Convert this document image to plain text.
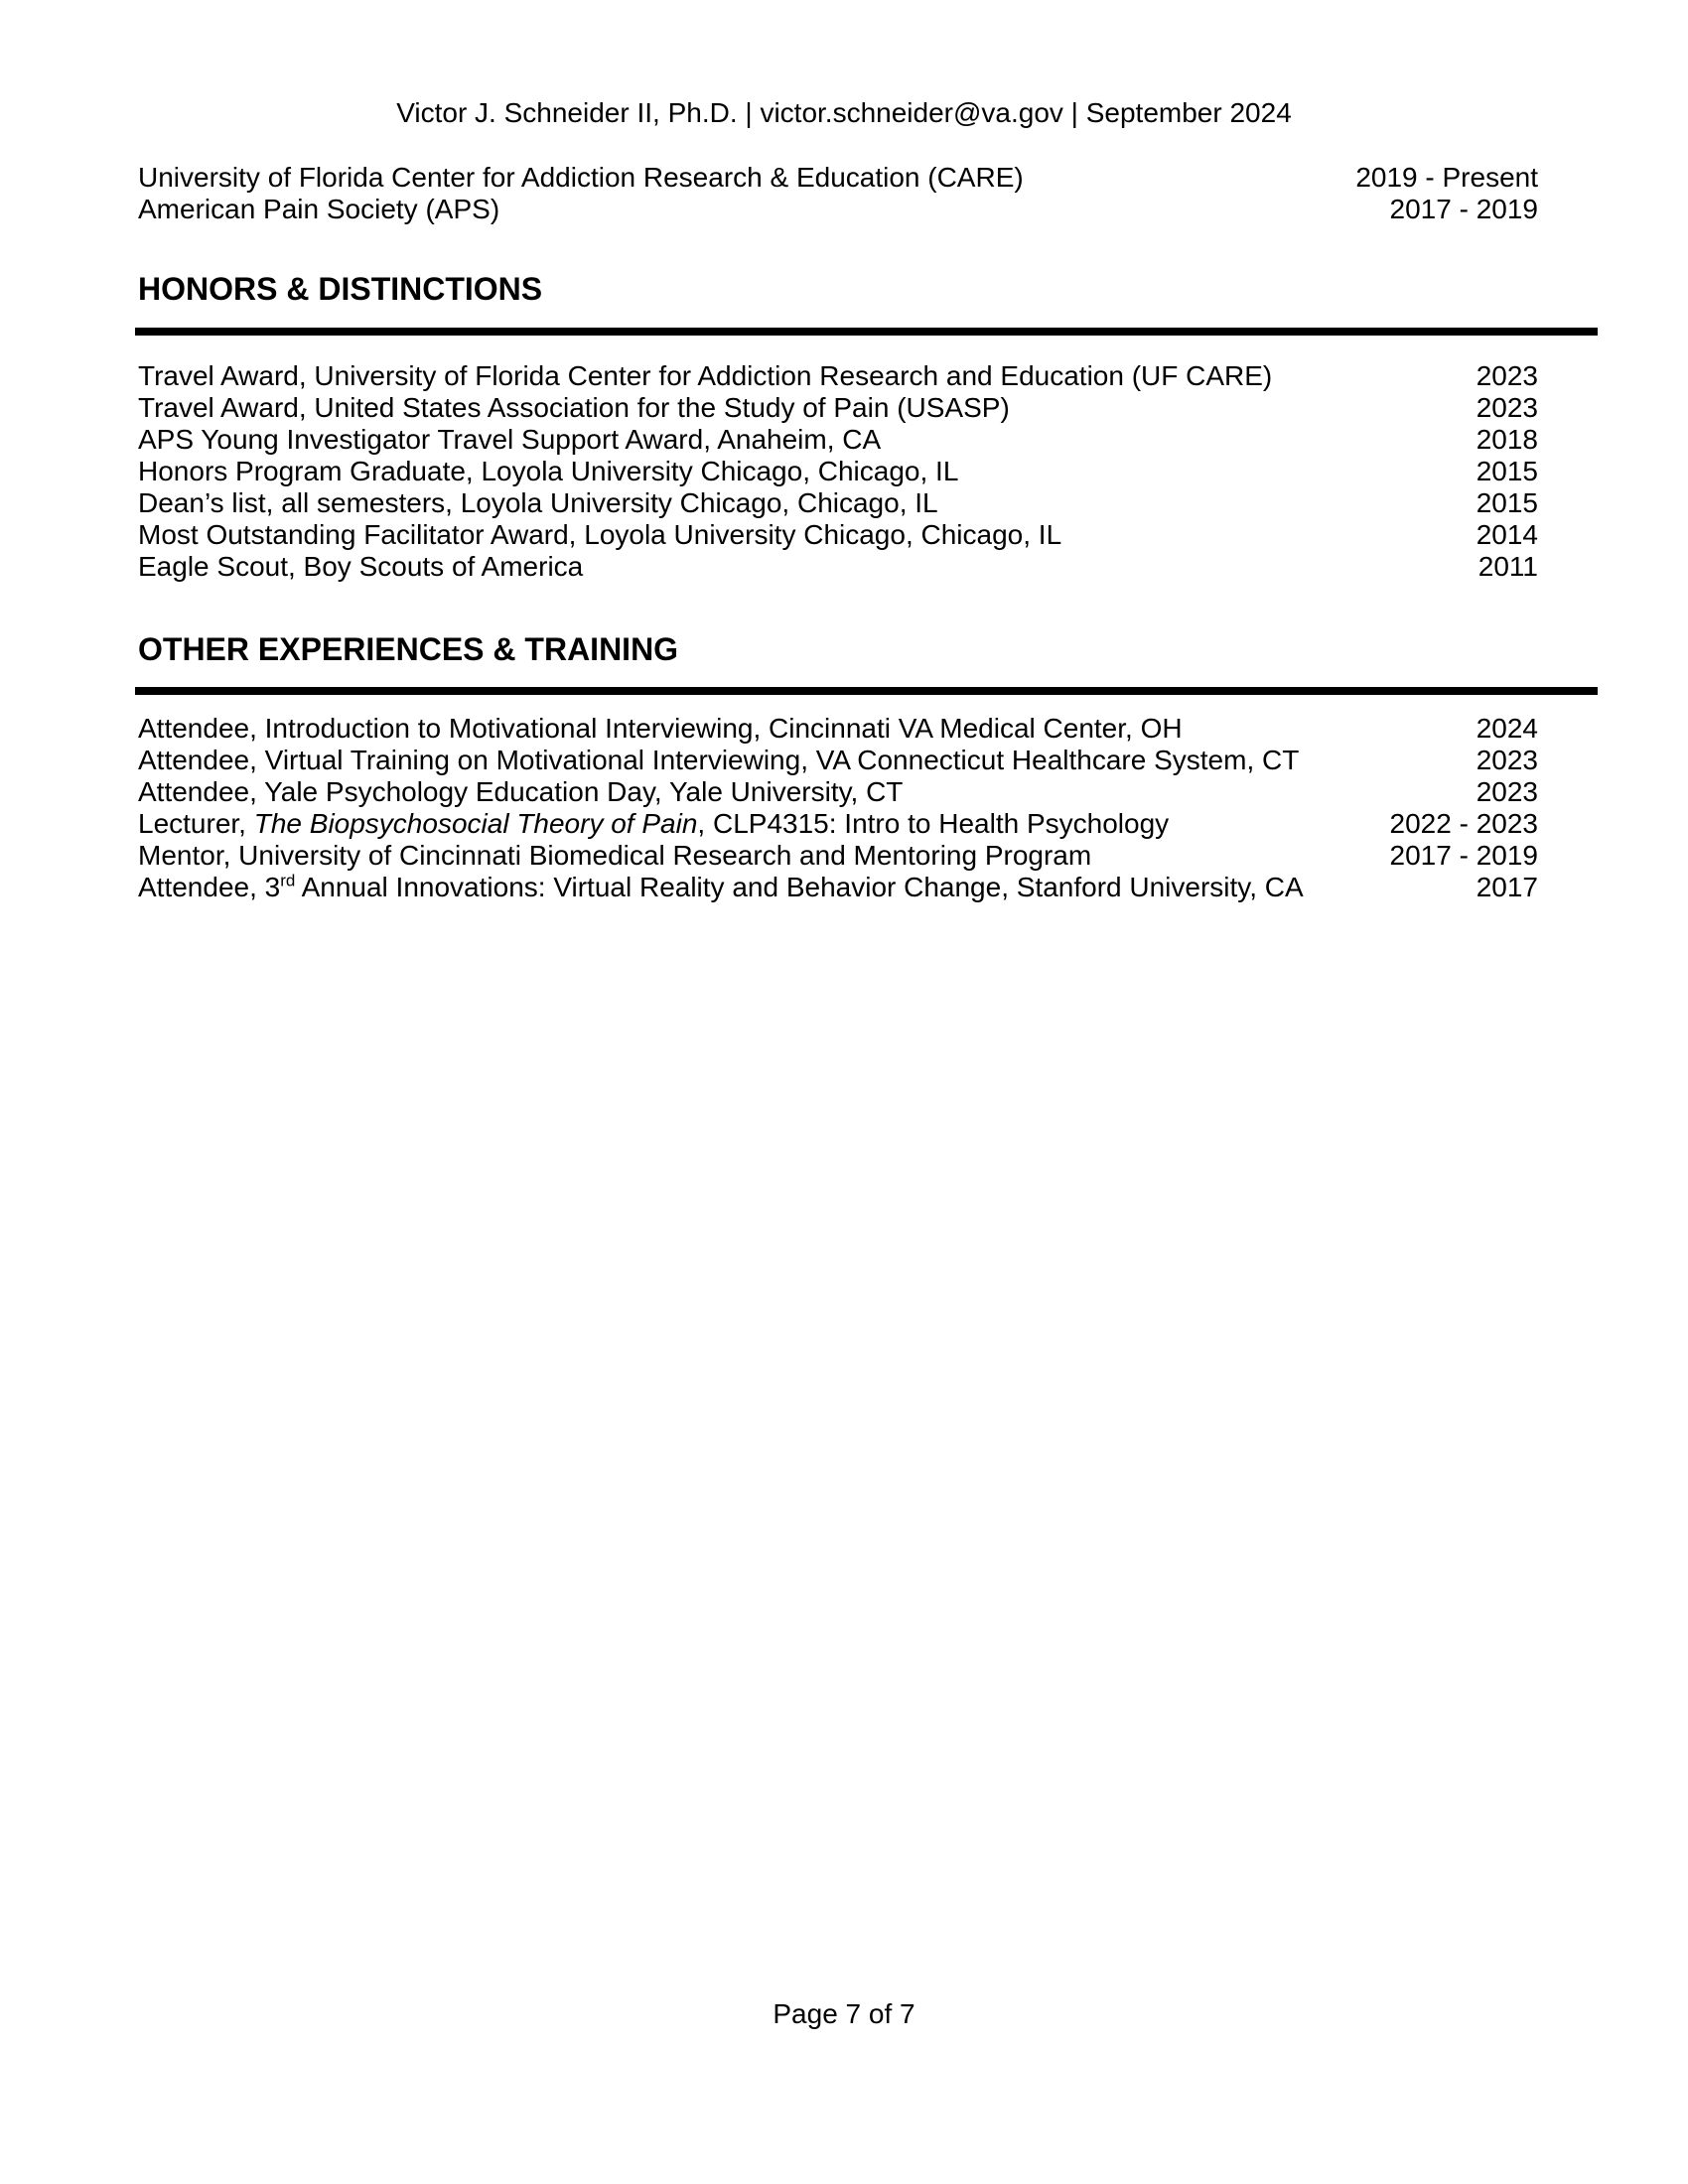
Victor J. Schneider II, Ph.D. | victor.schneider@va.gov | September 2024
University of Florida Center for Addiction Research & Education (CARE)	2019 - Present
American Pain Society (APS)	2017 - 2019
HONORS & DISTINCTIONS
Travel Award, University of Florida Center for Addiction Research and Education (UF CARE)	2023
Travel Award, United States Association for the Study of Pain (USASP)	2023
APS Young Investigator Travel Support Award, Anaheim, CA	2018
Honors Program Graduate, Loyola University Chicago, Chicago, IL	2015
Dean’s list, all semesters, Loyola University Chicago, Chicago, IL	2015
Most Outstanding Facilitator Award, Loyola University Chicago, Chicago, IL	2014
Eagle Scout, Boy Scouts of America	2011
OTHER EXPERIENCES & TRAINING
Attendee, Introduction to Motivational Interviewing, Cincinnati VA Medical Center, OH	2024
Attendee, Virtual Training on Motivational Interviewing, VA Connecticut Healthcare System, CT	2023
Attendee, Yale Psychology Education Day, Yale University, CT	2023
Lecturer, The Biopsychosocial Theory of Pain, CLP4315: Intro to Health Psychology	2022 - 2023
Mentor, University of Cincinnati Biomedical Research and Mentoring Program	2017 - 2019
Attendee, 3rd Annual Innovations: Virtual Reality and Behavior Change, Stanford University, CA	2017
Page 7 of 7
